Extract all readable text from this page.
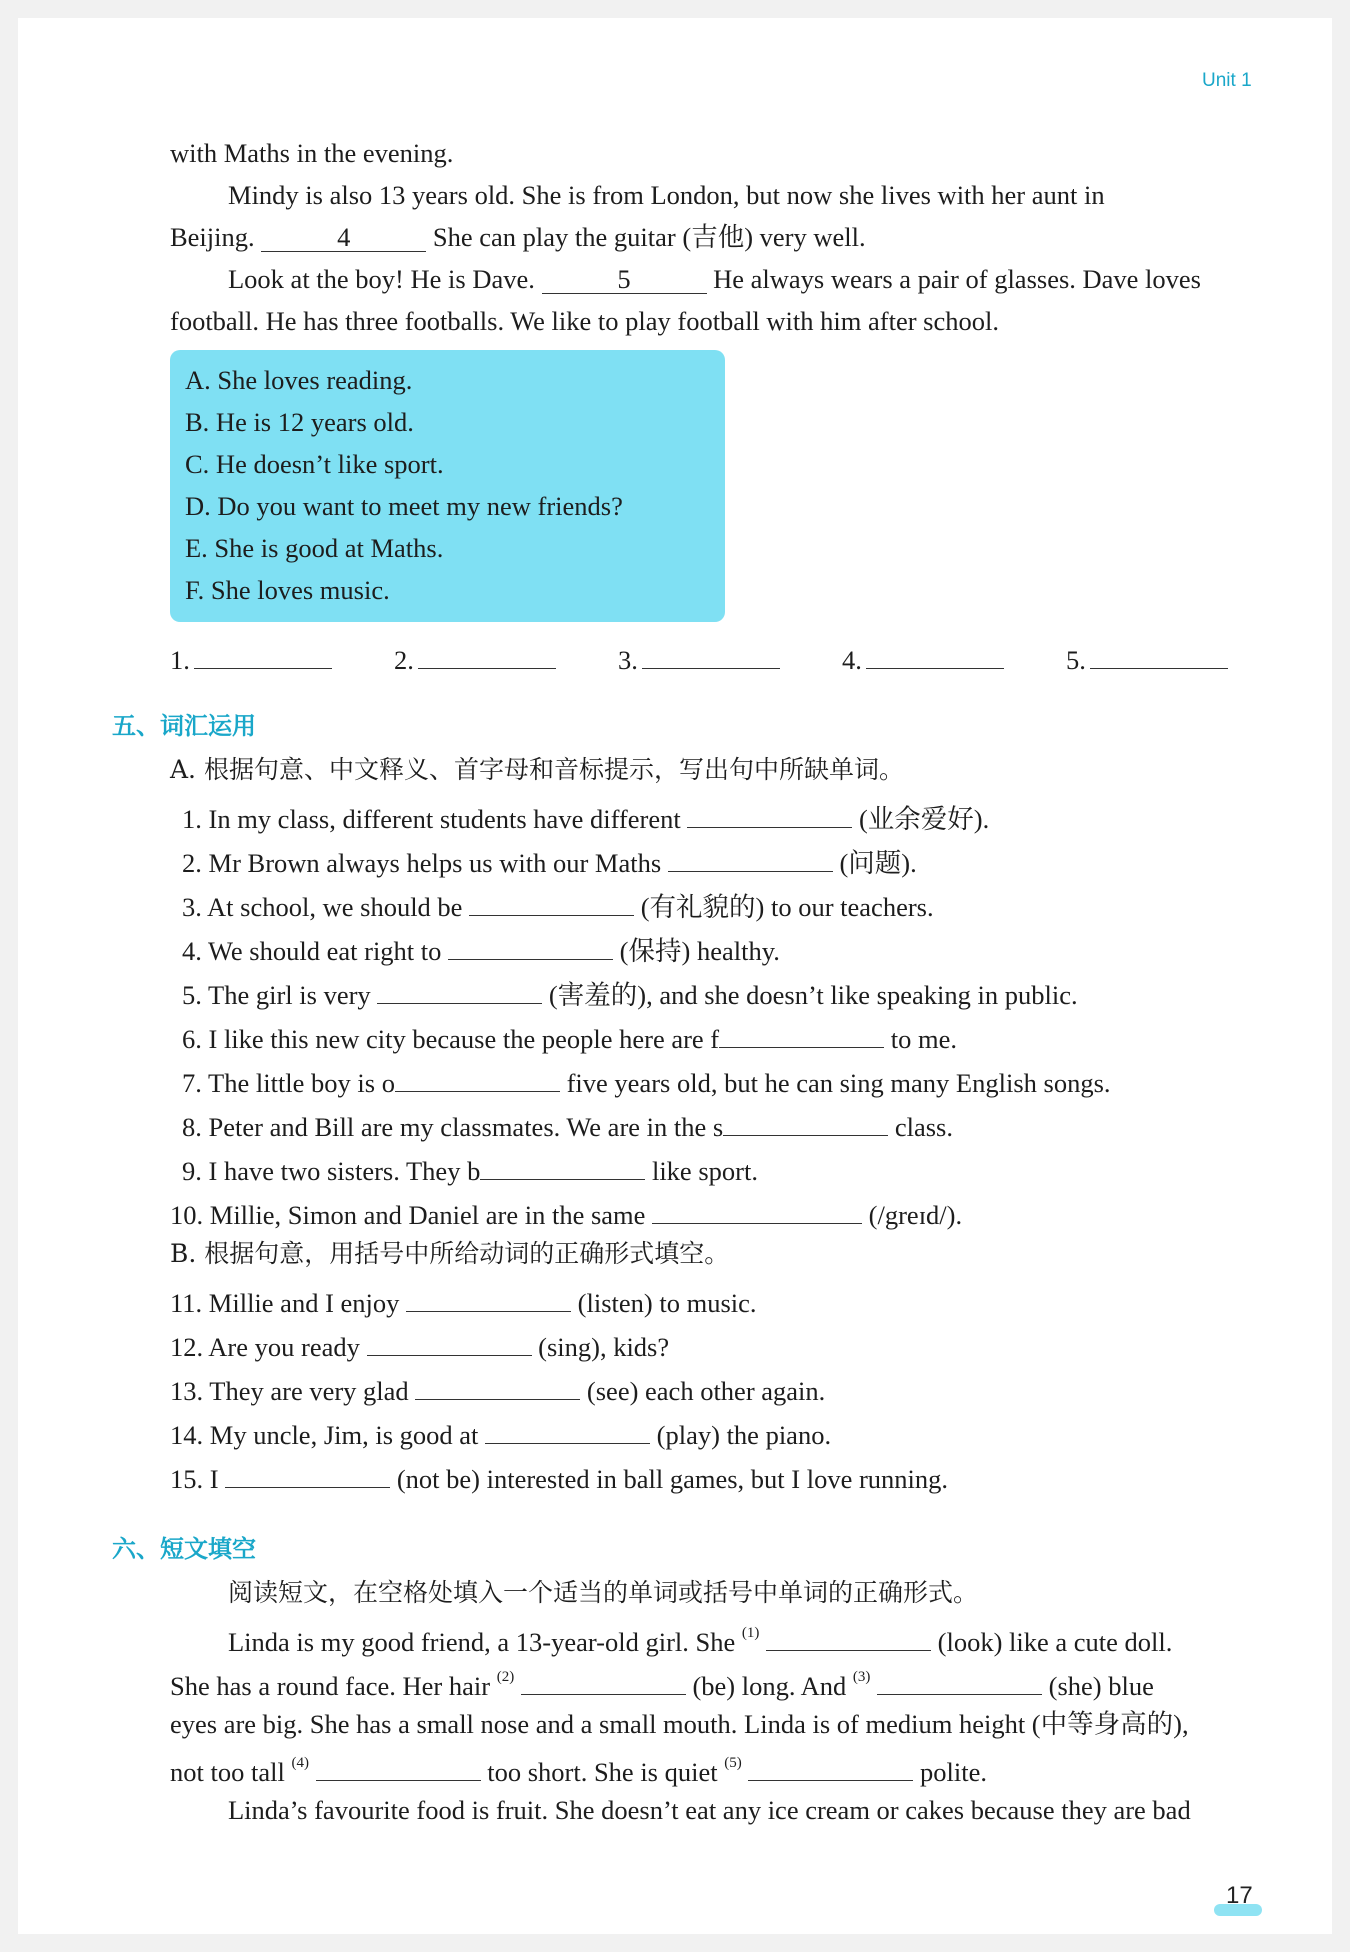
Unit 1
with Maths in the evening.
Mindy is also 13 years old. She is from London, but now she lives with her aunt in
Beijing.	4	She can play the guitar (吉他) very well.
Look at the boy! He is Dave.	5	He always wears a pair of glasses. Dave loves
football. He has three footballs. We like to play football with him after school.
A. She loves reading.
B. He is 12 years old.
C. He doesn’t like sport.
D. Do you want to meet my new friends?
E. She is good at Maths.
F. She loves music.
1.	2.	3.	4.	5.
五、词汇运用
A. 根据句意、中文释义、首字母和音标提示，写出句中所缺单词。
1. In my class, different students have different	(业余爱好).
2. Mr Brown always helps us with our Maths	(问题).
3. At school, we should be	(有礼貌的) to our teachers.
4. We should eat right to	(保持) healthy.
5. The girl is very	(害羞的), and she doesn’t like speaking in public.
6. I like this new city because the people here are f	to me.
7. The little boy is o	five years old, but he can sing many English songs.
8. Peter and Bill are my classmates. We are in the s	class.
9. I have two sisters. They b	like sport.
10. Millie, Simon and Daniel are in the same	(/greɪd/).
B. 根据句意，用括号中所给动词的正确形式填空。
11. Millie and I enjoy	(listen) to music.
12. Are you ready	(sing), kids?
13. They are very glad	(see) each other again.
14. My uncle, Jim, is good at	(play) the piano.
15. I	(not be) interested in ball games, but I love running.
六、短文填空
阅读短文，在空格处填入一个适当的单词或括号中单词的正确形式。
Linda is my good friend, a 13-year-old girl. She $^{(1)}$	(look) like a cute doll.
She has a round face. Her hair $^{(2)}$	(be) long. And $^{(3)}$	(she) blue
eyes are big. She has a small nose and a small mouth. Linda is of medium height (中等身高的),
not too tall $^{(4)}$	too short. She is quiet $^{(5)}$	polite.
Linda’s favourite food is fruit. She doesn’t eat any ice cream or cakes because they are bad
17
